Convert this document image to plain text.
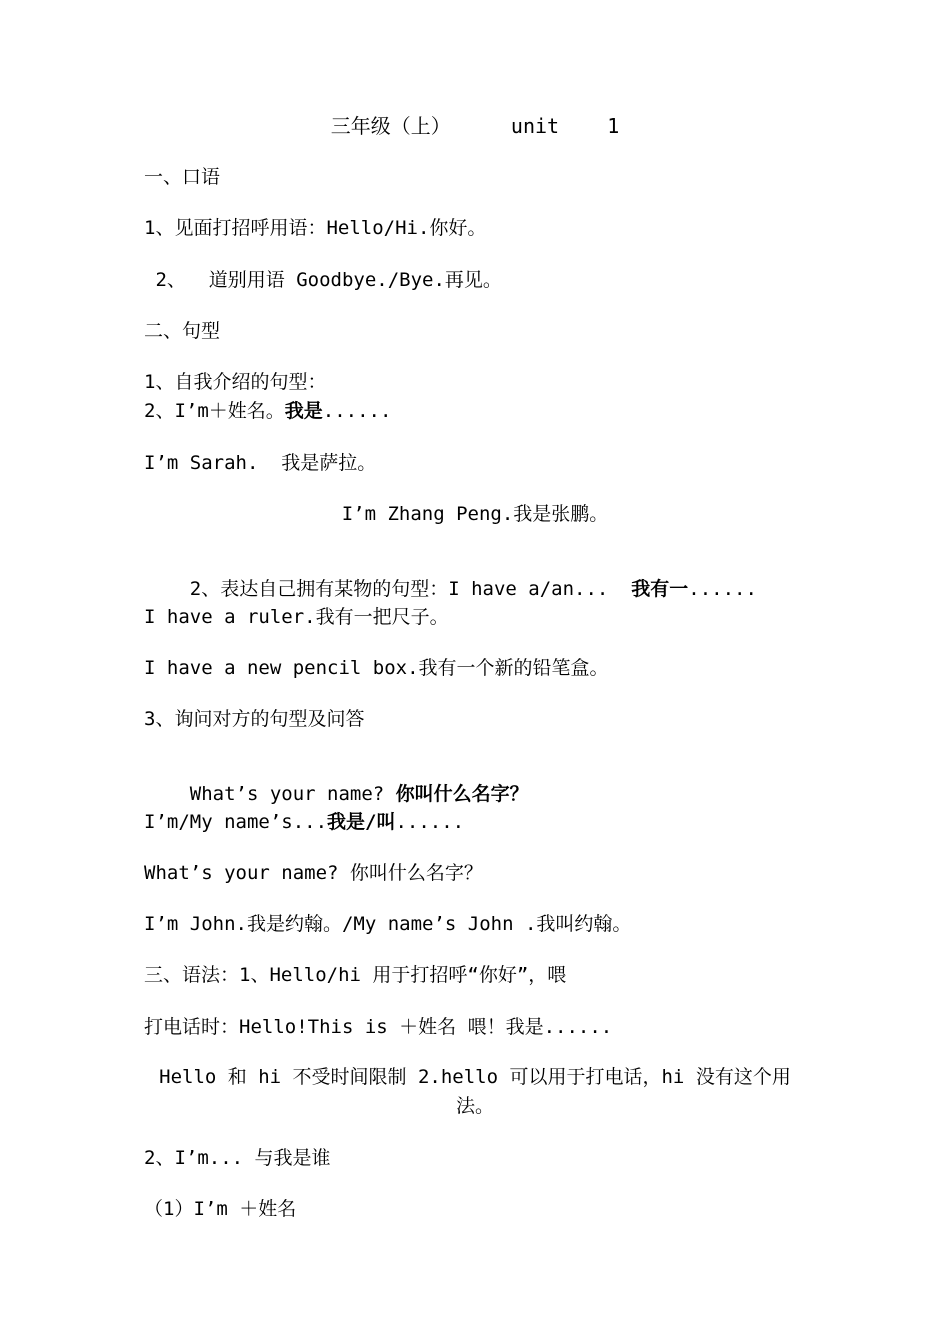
三年级（上）     unit    1
一、口语
1、见面打招呼用语：Hello/Hi.你好。
2、  道别用语 Goodbye./Bye.再见。
二、句型
1、自我介绍的句型：
2、I’m＋姓名。我是......
I’m Sarah.  我是萨拉。
I’m Zhang Peng.我是张鹏。

2、表达自己拥有某物的句型：I have a/an...  我有一......

I have a ruler.我有一把尺子。
I have a new pencil box.我有一个新的铅笔盒。
3、询问对方的句型及问答

What’s your name? 你叫什么名字？

I’m/My name’s...我是/叫......
What’s your name? 你叫什么名字？
I’m John.我是约翰。/My name’s John .我叫约翰。
三、语法：1、Hello/hi 用于打招呼“你好”，喂
打电话时：Hello!This is ＋姓名 喂！我是......
Hello 和 hi 不受时间限制 2.hello 可以用于打电话，hi 没有这个用法。
2、I’m... 与我是谁
（1）I’m ＋姓名
